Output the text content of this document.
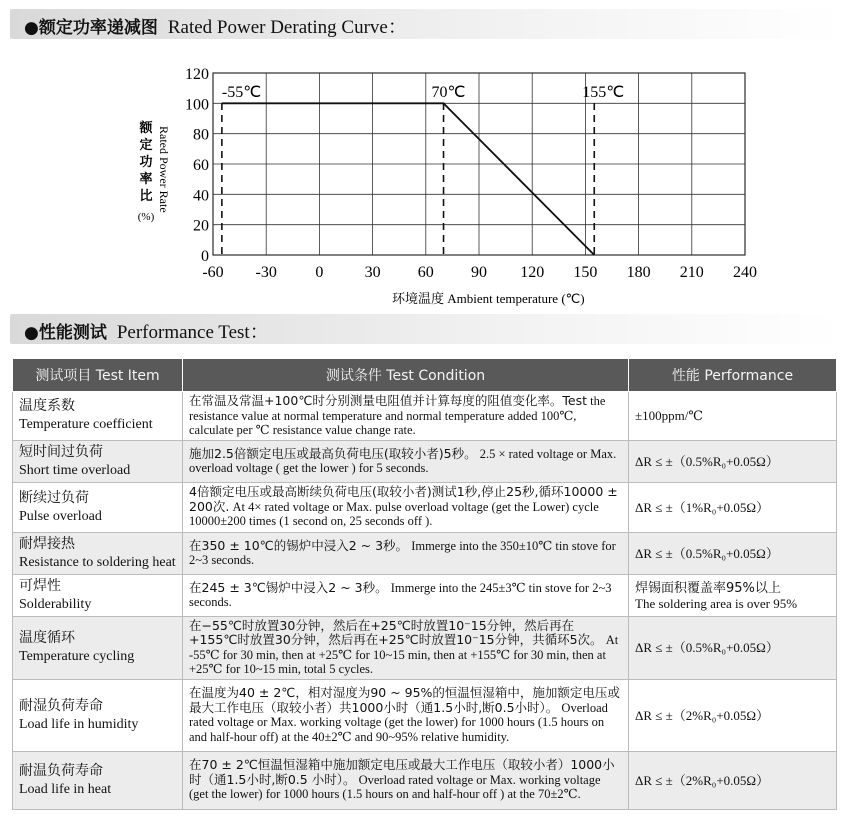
●额定功率递减图 Rated Power Derating Curve：
-60 -30 0	30 60 90 120 150 180 210 240
0
20
40
60
80
100
120
-55℃	70℃	155℃
额
定
功
率
比 Rated Power Rate
(%)
环境温度 Ambient temperature (℃)
●性能测试 Performance Test：
测试项目 Test Item	测试条件 Test Condition	性能 Performance
温度系数
Temperature coefficient	在常温及常温+100℃时分别测量电阻值并计算每度的阻值变化率。Test the resistance value at normal temperature and normal temperature added 100℃, calculate per ℃ resistance value change rate.	±100ppm/℃
短时间过负荷
Short time overload	施加2.5倍额定电压或最高负荷电压(取较小者)5秒。 2.5 × rated voltage or Max. overload voltage ( get the lower ) for 5 seconds.	ΔR ≤ ±（0.5%R₀+0.05Ω）
断续过负荷
Pulse overload	4倍额定电压或最高断续负荷电压(取较小者)测试1秒,停止25秒,循环10000 ± 200次. At 4× rated voltage or Max. pulse overload voltage (get the Lower) cycle 10000±200 times (1 second on, 25 seconds off ).	ΔR ≤ ±（1%R₀+0.05Ω）
耐焊接热
Resistance to soldering heat	在350 ± 10℃的锡炉中浸入2 ~ 3秒。 Immerge into the 350±10℃ tin stove for 2~3 seconds.	ΔR ≤ ±（0.5%R₀+0.05Ω）
可焊性
Solderability	在245 ± 3℃锡炉中浸入2 ~ 3秒。 Immerge into the 245±3℃ tin stove for 2~3 seconds.	焊锡面积覆盖率95%以上
The soldering area is over 95%
温度循环
Temperature cycling	在−55℃时放置30分钟，然后在+25℃时放置10⁻15分钟，然后再在+155℃时放置30分钟，然后再在+25℃时放置10⁻15分钟，共循环5次。 At -55℃ for 30 min, then at +25℃ for 10~15 min, then at +155℃ for 30 min, then at +25℃ for 10~15 min, total 5 cycles.	ΔR ≤ ±（0.5%R₀+0.05Ω）
耐湿负荷寿命
Load life in humidity	在温度为40 ± 2℃，相对湿度为90 ~ 95%的恒温恒湿箱中，施加额定电压或最大工作电压（取较小者）共1000小时（通1.5小时,断0.5小时）。 Overload rated voltage or Max. working voltage (get the lower) for 1000 hours (1.5 hours on and half-hour off) at the 40±2℃ and 90~95% relative humidity.	ΔR ≤ ±（2%R₀+0.05Ω）
耐温负荷寿命
Load life in heat	在70 ± 2℃恒温恒湿箱中施加额定电压或最大工作电压（取较小者）1000小时（通1.5小时,断0.5 小时）。 Overload rated voltage or Max. working voltage (get the lower) for 1000 hours (1.5 hours on and half-hour off ) at the 70±2℃.	ΔR ≤ ±（2%R₀+0.05Ω）
